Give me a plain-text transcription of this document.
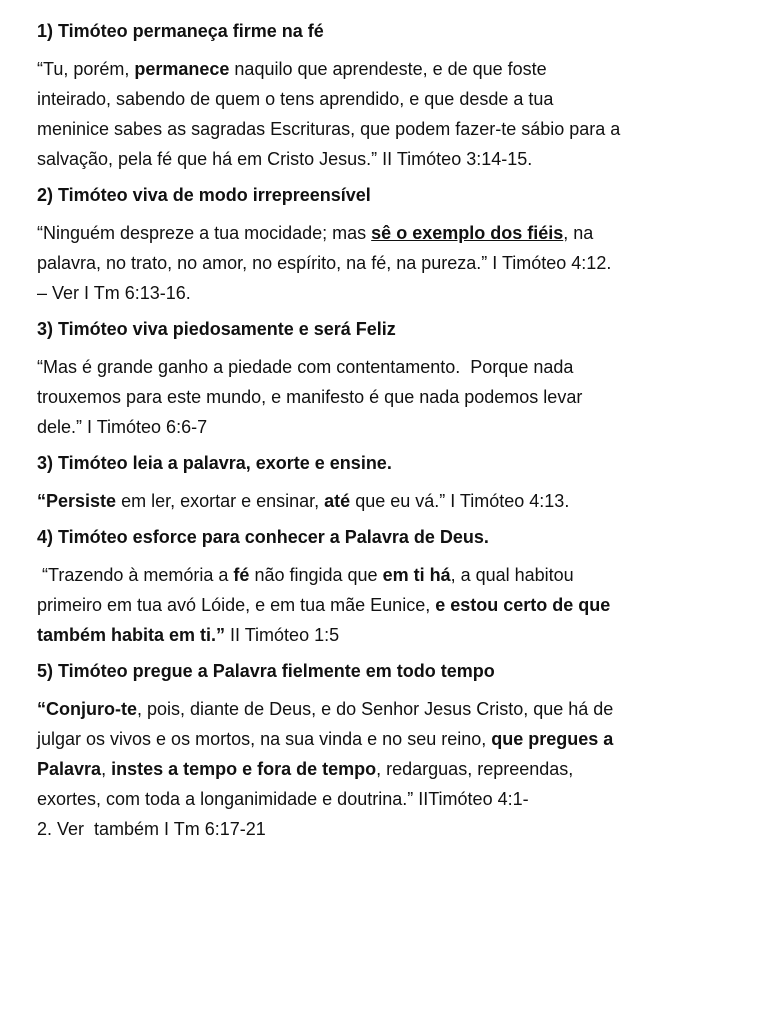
1) Timóteo permaneça firme na fé
“Tu, porém, permanece naquilo que aprendeste, e de que foste
inteirado, sabendo de quem o tens aprendido, e que desde a tua
meninice sabes as sagradas Escrituras, que podem fazer-te sábio para a
salvação, pela fé que há em Cristo Jesus.” II Timóteo 3:14-15.
2) Timóteo viva de modo irrepreensível
“Ninguém despreze a tua mocidade; mas sê o exemplo dos fiéis, na
palavra, no trato, no amor, no espírito, na fé, na pureza.” I Timóteo 4:12.
– Ver I Tm 6:13-16.
3) Timóteo viva piedosamente e será Feliz
“Mas é grande ganho a piedade com contentamento.  Porque nada
trouxemos para este mundo, e manifesto é que nada podemos levar
dele.” I Timóteo 6:6-7
3) Timóteo leia a palavra, exorte e ensine.
“Persiste em ler, exortar e ensinar, até que eu vá.” I Timóteo 4:13.
4) Timóteo esforce para conhecer a Palavra de Deus.
“Trazendo à memória a fé não fingida que em ti há, a qual habitou
primeiro em tua avó Lóide, e em tua mãe Eunice, e estou certo de que
também habita em ti.” II Timóteo 1:5
5) Timóteo pregue a Palavra fielmente em todo tempo
“Conjuro-te, pois, diante de Deus, e do Senhor Jesus Cristo, que há de
julgar os vivos e os mortos, na sua vinda e no seu reino, que pregues a
Palavra, instes a tempo e fora de tempo, redarguas, repreendas,
exortes, com toda a longanimidade e doutrina.” IITimóteo 4:1-
2. Ver  também I Tm 6:17-21
